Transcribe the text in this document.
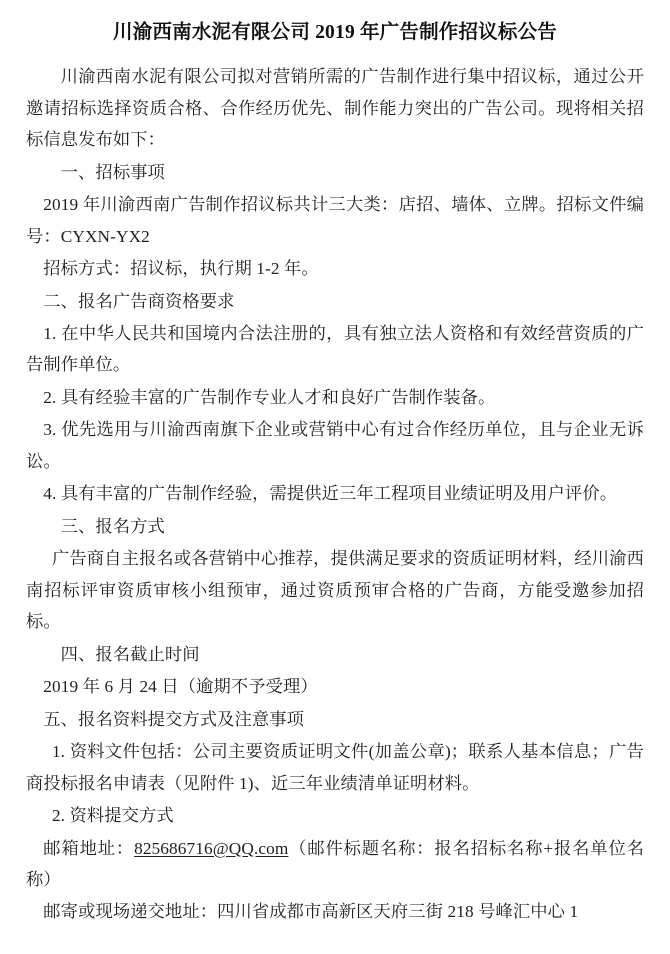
川渝西南水泥有限公司 2019 年广告制作招议标公告

川渝西南水泥有限公司拟对营销所需的广告制作进行集中招议标，通过公开邀请招标选择资质合格、合作经历优先、制作能力突出的广告公司。现将相关招标信息发布如下：

一、招标事项

2019 年川渝西南广告制作招议标共计三大类：店招、墙体、立牌。招标文件编号：CYXN-YX2

招标方式：招议标，执行期 1-2 年。

二、报名广告商资格要求

1. 在中华人民共和国境内合法注册的，具有独立法人资格和有效经营资质的广告制作单位。

2. 具有经验丰富的广告制作专业人才和良好广告制作装备。

3. 优先选用与川渝西南旗下企业或营销中心有过合作经历单位，且与企业无诉讼。

4. 具有丰富的广告制作经验，需提供近三年工程项目业绩证明及用户评价。

三、报名方式

广告商自主报名或各营销中心推荐，提供满足要求的资质证明材料，经川渝西南招标评审资质审核小组预审，通过资质预审合格的广告商，方能受邀参加招标。

四、报名截止时间

2019 年 6 月 24 日（逾期不予受理）

五、报名资料提交方式及注意事项

1. 资料文件包括：公司主要资质证明文件(加盖公章)；联系人基本信息；广告商投标报名申请表（见附件 1)、近三年业绩清单证明材料。

2. 资料提交方式

邮箱地址：825686716@QQ.com（邮件标题名称：报名招标名称+报名单位名称）

邮寄或现场递交地址：四川省成都市高新区天府三街 218 号峰汇中心 1
